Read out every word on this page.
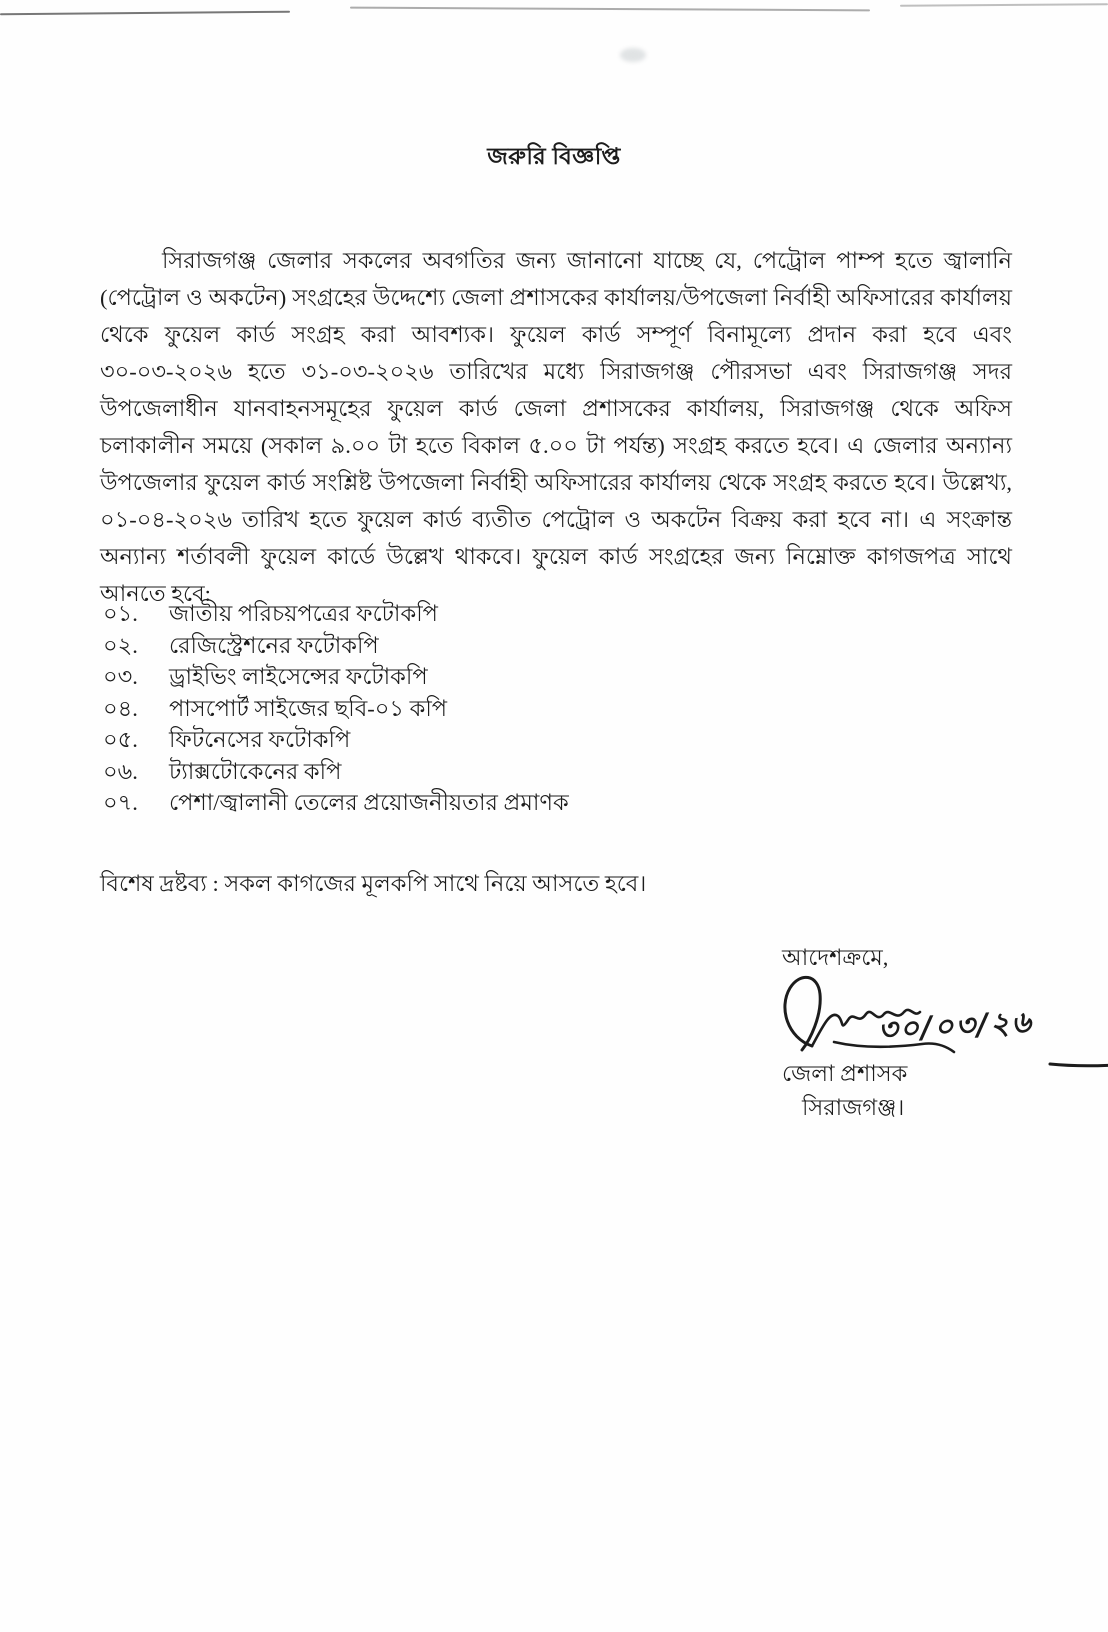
জরুরি বিজ্ঞপ্তি
সিরাজগঞ্জ জেলার সকলের অবগতির জন্য জানানো যাচ্ছে যে, পেট্রোল পাম্প হতে জ্বালানি (পেট্রোল ও অকটেন) সংগ্রহের উদ্দেশ্যে জেলা প্রশাসকের কার্যালয়/উপজেলা নির্বাহী অফিসারের কার্যালয় থেকে ফুয়েল কার্ড সংগ্রহ করা আবশ্যক। ফুয়েল কার্ড সম্পূর্ণ বিনামূল্যে প্রদান করা হবে এবং ৩০-০৩-২০২৬ হতে ৩১-০৩-২০২৬ তারিখের মধ্যে সিরাজগঞ্জ পৌরসভা এবং সিরাজগঞ্জ সদর উপজেলাধীন যানবাহনসমূহের ফুয়েল কার্ড জেলা প্রশাসকের কার্যালয়, সিরাজগঞ্জ থেকে অফিস চলাকালীন সময়ে (সকাল ৯.০০ টা হতে বিকাল ৫.০০ টা পর্যন্ত) সংগ্রহ করতে হবে। এ জেলার অন্যান্য উপজেলার ফুয়েল কার্ড সংশ্লিষ্ট উপজেলা নির্বাহী অফিসারের কার্যালয় থেকে সংগ্রহ করতে হবে। উল্লেখ্য, ০১-০৪-২০২৬ তারিখ হতে ফুয়েল কার্ড ব্যতীত পেট্রোল ও অকটেন বিক্রয় করা হবে না। এ সংক্রান্ত অন্যান্য শর্তাবলী ফুয়েল কার্ডে উল্লেখ থাকবে। ফুয়েল কার্ড সংগ্রহের জন্য নিম্নোক্ত কাগজপত্র সাথে আনতে হবে:
০১.	জাতীয় পরিচয়পত্রের ফটোকপি
০২.	রেজিস্ট্রেশনের ফটোকপি
০৩.	ড্রাইভিং লাইসেন্সের ফটোকপি
০৪.	পাসপোর্ট সাইজের ছবি-০১ কপি
০৫.	ফিটনেসের ফটোকপি
০৬.	ট্যাক্সটোকেনের কপি
০৭.	পেশা/জ্বালানী তেলের প্রয়োজনীয়তার প্রমাণক
বিশেষ দ্রষ্টব্য : সকল কাগজের মূলকপি সাথে নিয়ে আসতে হবে।
আদেশক্রমে,
৩০/০৩/২৬
জেলা প্রশাসক
সিরাজগঞ্জ।
